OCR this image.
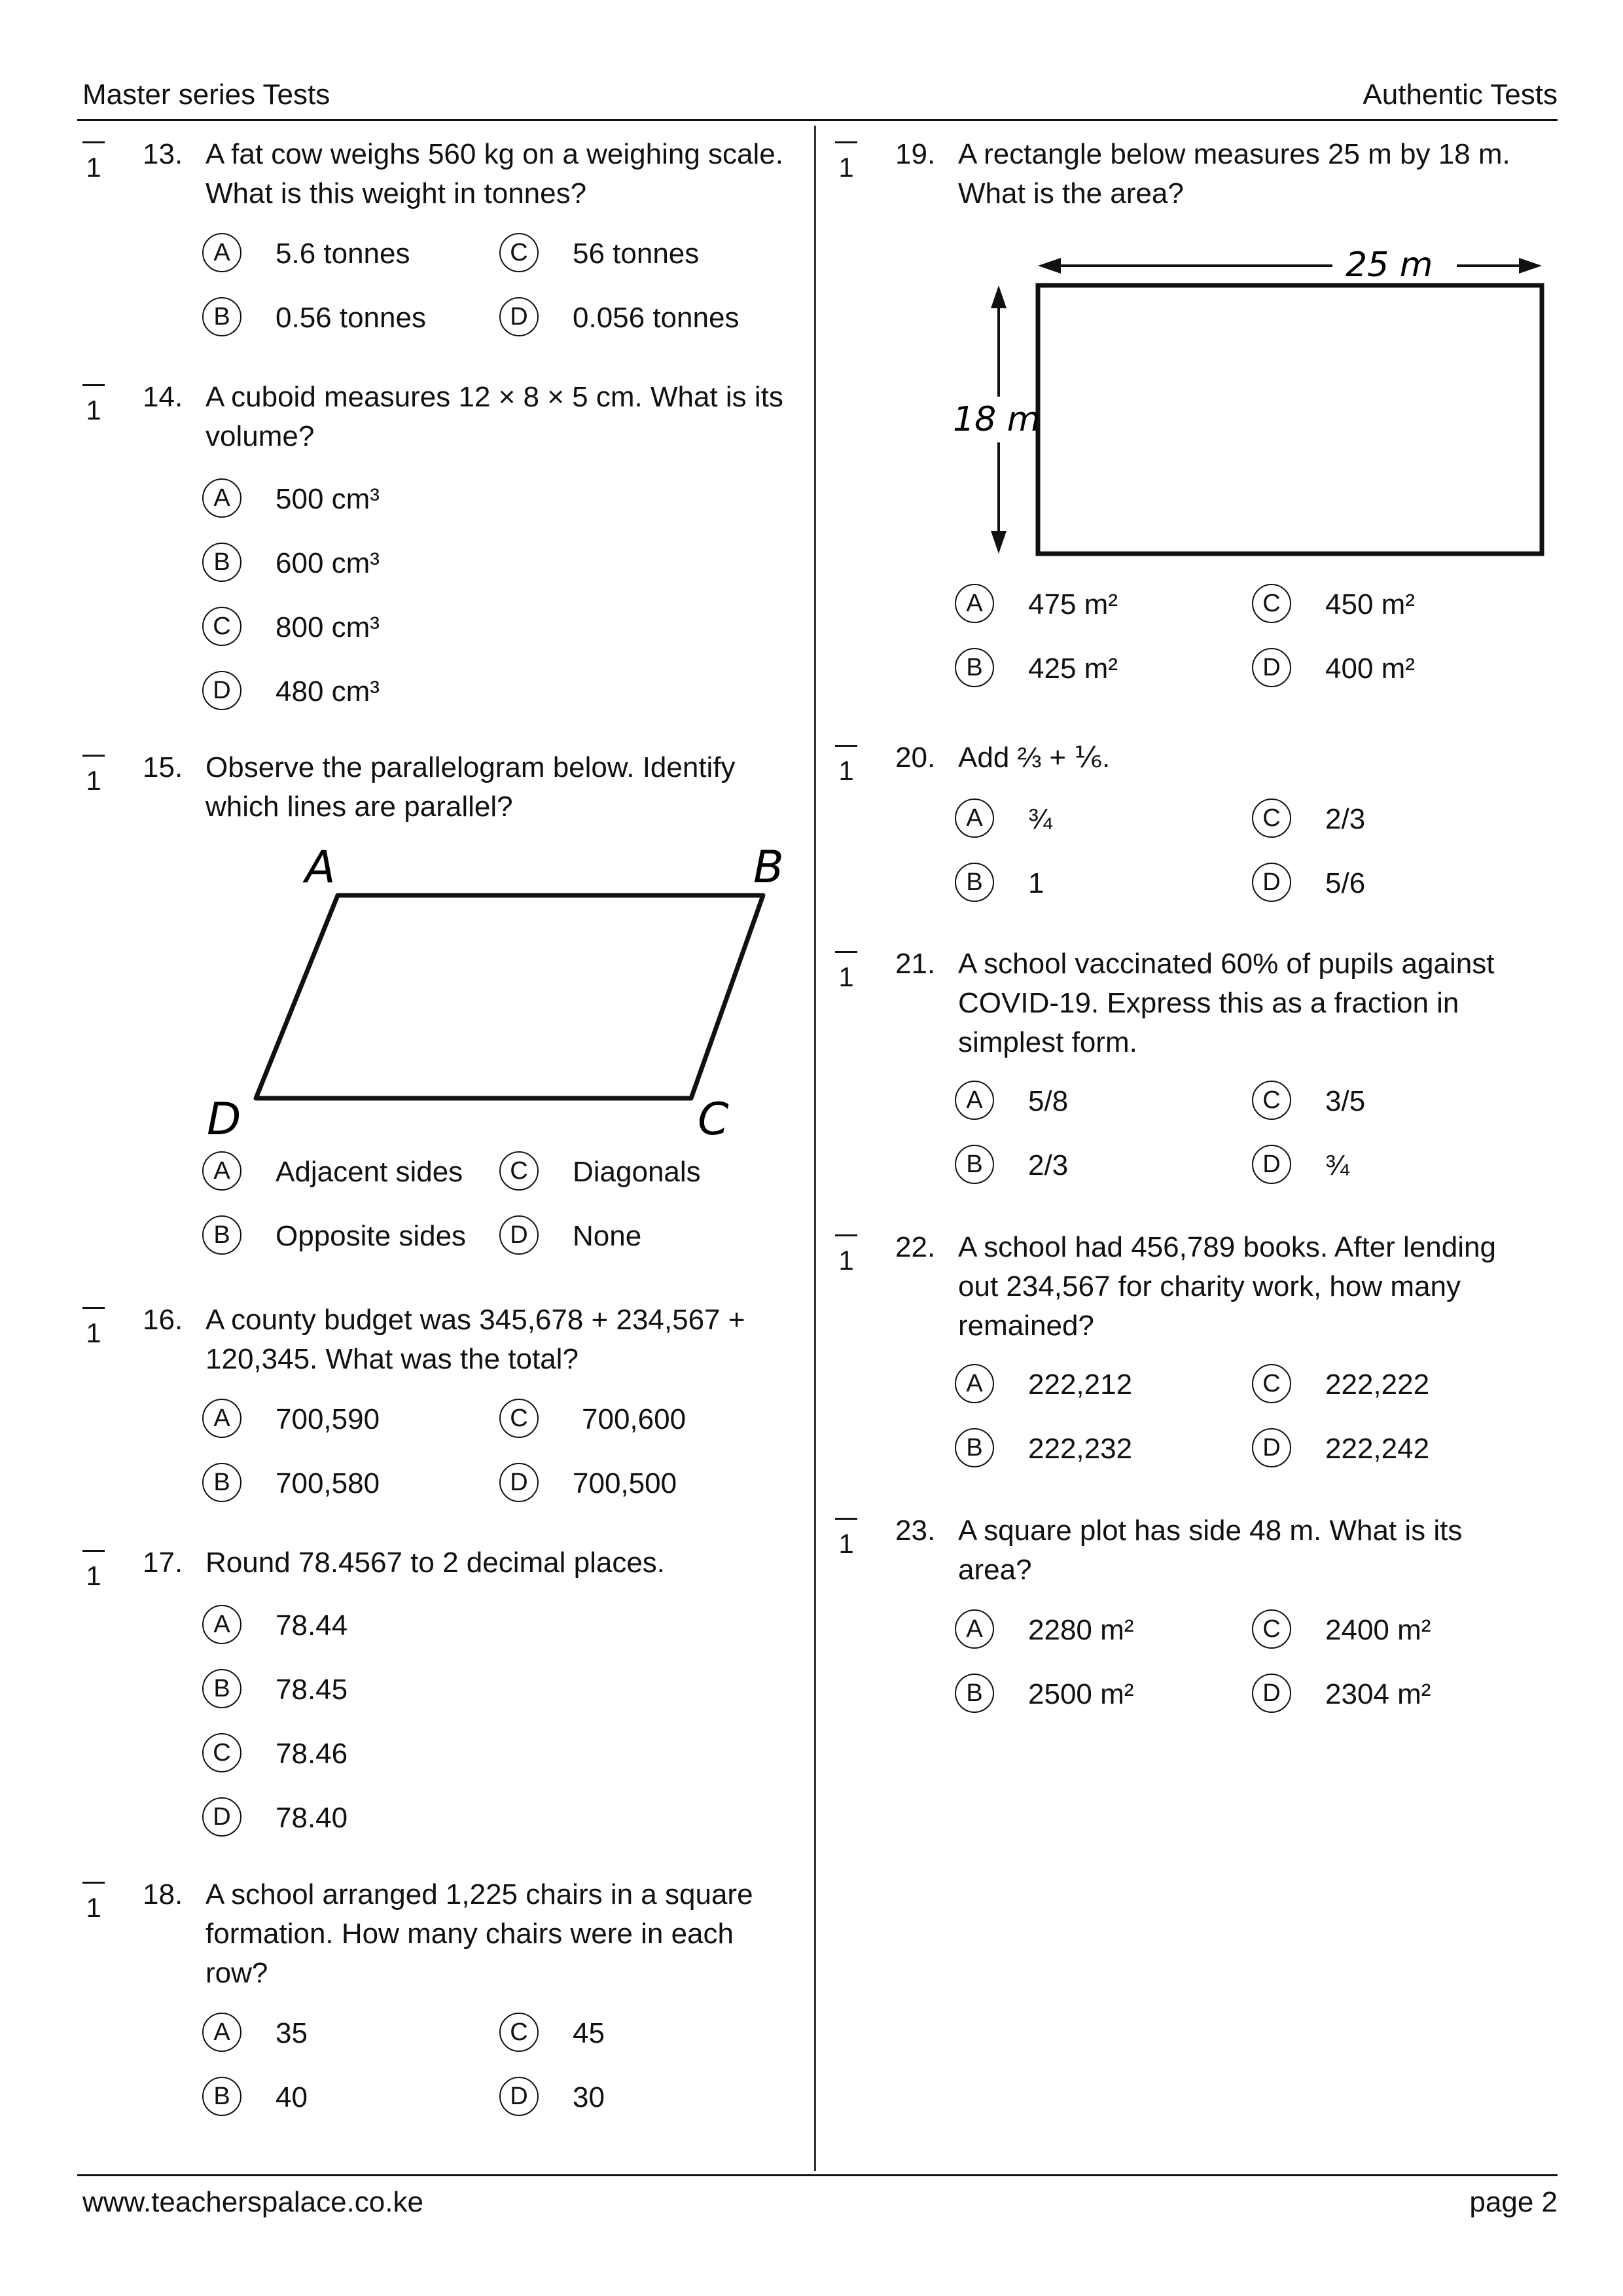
Master series Tests	Authentic Tests
www.teacherspalace.co.ke	page 2
1 13. A fat cow weighs 560 kg on a weighing scale.
What is this weight in tonnes?
A	5.6 tonnes	C	56 tonnes
B	0.56 tonnes	D	0.056 tonnes
1 14. A cuboid measures 12 × 8 × 5 cm. What is its
volume?
A	500 cm³
B	600 cm³
C	800 cm³
D	480 cm³
1 15. Observe the parallelogram below. Identify
which lines are parallel?
A	B
C
D
A	Adjacent sides	C	Diagonals
B	Opposite sides	D	None
1 16. A county budget was 345,678 + 234,567 +
120,345. What was the total?
A	700,590	C	700,600
B	700,580	D	700,500
1 17. Round 78.4567 to 2 decimal places.
A	78.44
B	78.45
C	78.46
D	78.40
1 18. A school arranged 1,225 chairs in a square
formation. How many chairs were in each
row?
A	35	C	45
B	40	D	30
1 19. A rectangle below measures 25 m by 18 m.
What is the area?
25 m
18 m
A	475 m²	C	450 m²
B	425 m²	D	400 m²
1 20. Add ⅔ + ⅙.
A	¾	C	2/3
B	1	D	5/6
1 21. A school vaccinated 60% of pupils against
COVID-19. Express this as a fraction in
simplest form.
A	5/8	C	3/5
B	2/3	D	¾
1 22. A school had 456,789 books. After lending
out 234,567 for charity work, how many
remained?
A	222,212	C	222,222
B	222,232	D	222,242
1 23. A square plot has side 48 m. What is its
area?
A	2280 m²	C	2400 m²
B	2500 m²	D	2304 m²
